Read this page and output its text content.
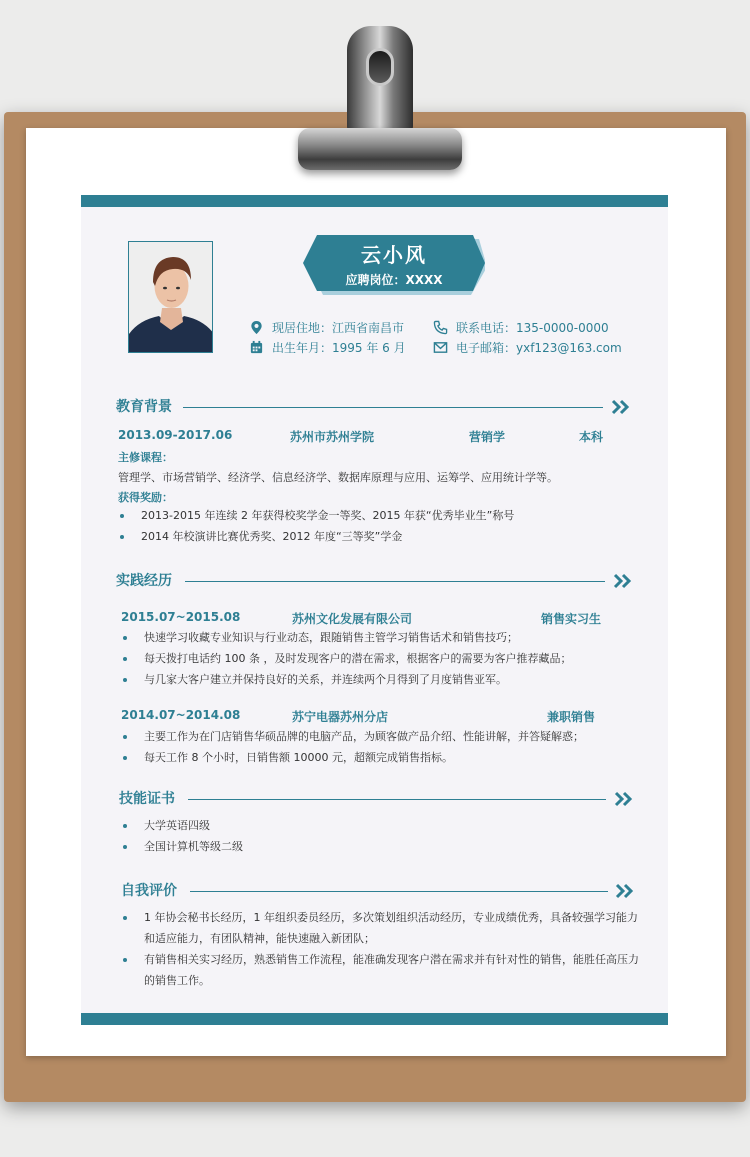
云小风
应聘岗位：XXXX
现居住地：江西省南昌市
出生年月：1995 年 6 月
联系电话：135-0000-0000
电子邮箱：yxf123@163.com
教育背景
2013.09-2017.06	苏州市苏州学院	营销学	本科
主修课程：
管理学、市场营销学、经济学、信息经济学、数据库原理与应用、运筹学、应用统计学等。
获得奖励：
2013-2015 年连续 2 年获得校奖学金一等奖、2015 年获“优秀毕业生”称号
2014 年校演讲比赛优秀奖、2012 年度“三等奖”学金
实践经历
2015.07~2015.08	苏州文化发展有限公司	销售实习生
快速学习收藏专业知识与行业动态，跟随销售主管学习销售话术和销售技巧；
每天拨打电话约 100 条 ，及时发现客户的潜在需求，根据客户的需要为客户推荐藏品；
与几家大客户建立并保持良好的关系，并连续两个月得到了月度销售亚军。
2014.07~2014.08	苏宁电器苏州分店	兼职销售
主要工作为在门店销售华硕品牌的电脑产品，为顾客做产品介绍、性能讲解，并答疑解惑；
每天工作 8 个小时，日销售额 10000 元，超额完成销售指标。
技能证书
大学英语四级
全国计算机等级二级
自我评价
1 年协会秘书长经历，1 年组织委员经历，多次策划组织活动经历，专业成绩优秀，具备较强学习能力和适应能力，有团队精神，能快速融入新团队；
有销售相关实习经历，熟悉销售工作流程，能准确发现客户潜在需求并有针对性的销售，能胜任高压力的销售工作。
